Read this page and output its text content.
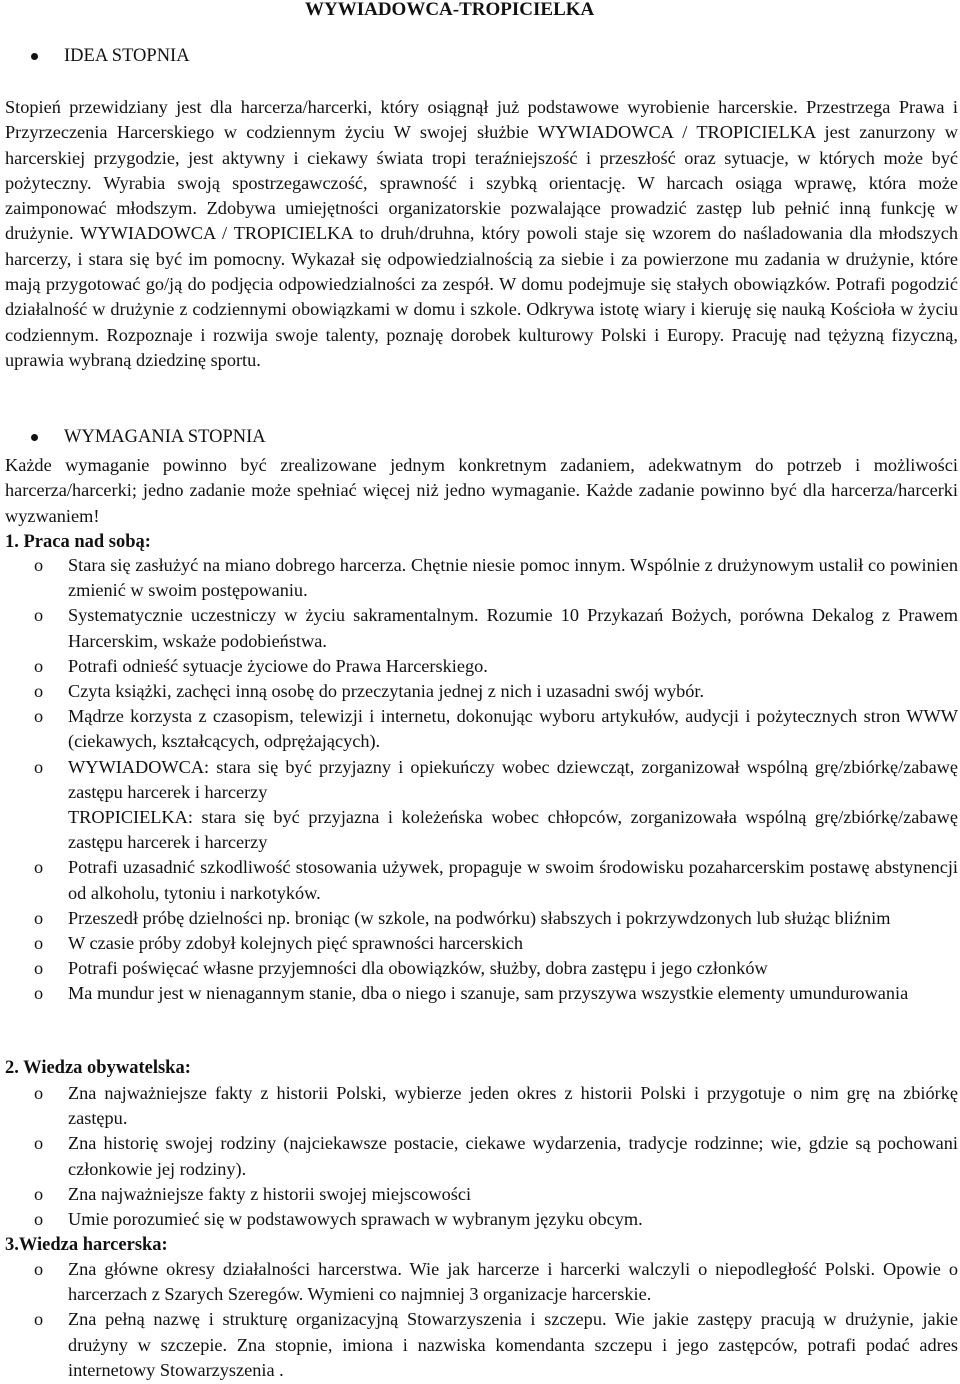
WYWIADOWCA-TROPICIELKA
IDEA STOPNIA
Stopień przewidziany jest dla harcerza/harcerki, który osiągnął już podstawowe wyrobienie harcerskie. Przestrzega Prawa i Przyrzeczenia Harcerskiego w codziennym życiu W swojej służbie WYWIADOWCA / TROPICIELKA jest zanurzony w harcerskiej przygodzie, jest aktywny i ciekawy świata tropi teraźniejszość i przeszłość oraz sytuacje, w których może być pożyteczny. Wyrabia swoją spostrzegawczość, sprawność i szybką orientację. W harcach osiąga wprawę, która może zaimponować młodszym. Zdobywa umiejętności organizatorskie pozwalające prowadzić zastęp lub pełnić inną funkcję w drużynie. WYWIADOWCA / TROPICIELKA to druh/druhna, który powoli staje się wzorem do naśladowania dla młodszych harcerzy, i stara się być im pomocny. Wykazał się odpowiedzialnością za siebie i za powierzone mu zadania w drużynie, które mają przygotować go/ją do podjęcia odpowiedzialności za zespół. W domu podejmuje się stałych obowiązków. Potrafi pogodzić działalność w drużynie z codziennymi obowiązkami w domu i szkole. Odkrywa istotę wiary i kieruję się nauką Kościoła w życiu codziennym. Rozpoznaje i rozwija swoje talenty, poznaję dorobek kulturowy Polski i Europy. Pracuję nad tężyzną fizyczną, uprawia wybraną dziedzinę sportu.
WYMAGANIA STOPNIA
Każde wymaganie powinno być zrealizowane jednym konkretnym zadaniem, adekwatnym do potrzeb i możliwości harcerza/harcerki; jedno zadanie może spełniać więcej niż jedno wymaganie. Każde zadanie powinno być dla harcerza/harcerki wyzwaniem!
1. Praca nad sobą:
o	Stara się zasłużyć na miano dobrego harcerza. Chętnie niesie pomoc innym. Wspólnie z drużynowym ustalił co powinien zmienić w swoim postępowaniu.
o	Systematycznie uczestniczy w życiu sakramentalnym. Rozumie 10 Przykazań Bożych, porówna Dekalog z Prawem Harcerskim, wskaże podobieństwa.
o	Potrafi odnieść sytuacje życiowe do Prawa Harcerskiego.
o	Czyta książki, zachęci inną osobę do przeczytania jednej z nich i uzasadni swój wybór.
o	Mądrze korzysta z czasopism, telewizji i internetu, dokonując wyboru artykułów, audycji i pożytecznych stron WWW (ciekawych, kształcących, odprężających).
o	WYWIADOWCA: stara się być przyjazny i opiekuńczy wobec dziewcząt, zorganizował wspólną grę/zbiórkę/zabawę zastępu harcerek i harcerzy
TROPICIELKA: stara się być przyjazna i koleżeńska wobec chłopców, zorganizowała wspólną grę/zbiórkę/zabawę zastępu harcerek i harcerzy
o	Potrafi uzasadnić szkodliwość stosowania używek, propaguje w swoim środowisku pozaharcerskim postawę abstynencji od alkoholu, tytoniu i narkotyków.
o	Przeszedł próbę dzielności np. broniąc (w szkole, na podwórku) słabszych i pokrzywdzonych lub służąc bliźnim
o	W czasie próby zdobył kolejnych pięć sprawności harcerskich
o	Potrafi poświęcać własne przyjemności dla obowiązków, służby, dobra zastępu i jego członków
o	Ma mundur jest w nienagannym stanie, dba o niego i szanuje, sam przyszywa wszystkie elementy umundurowania
2. Wiedza obywatelska:
o	Zna najważniejsze fakty z historii Polski, wybierze jeden okres z historii Polski i przygotuje o nim grę na zbiórkę zastępu.
o	Zna historię swojej rodziny (najciekawsze postacie, ciekawe wydarzenia, tradycje rodzinne; wie, gdzie są pochowani członkowie jej rodziny).
o	Zna najważniejsze fakty z historii swojej miejscowości
o	Umie porozumieć się w podstawowych sprawach w wybranym języku obcym.
3.Wiedza harcerska:
o	Zna główne okresy działalności harcerstwa. Wie jak harcerze i harcerki walczyli o niepodległość Polski. Opowie o harcerzach z Szarych Szeregów. Wymieni co najmniej 3 organizacje harcerskie.
o	Zna pełną nazwę i strukturę organizacyjną Stowarzyszenia i szczepu. Wie jakie zastępy pracują w drużynie, jakie drużyny w szczepie. Zna stopnie, imiona i nazwiska komendanta szczepu i jego zastępców, potrafi podać adres internetowy Stowarzyszenia .
